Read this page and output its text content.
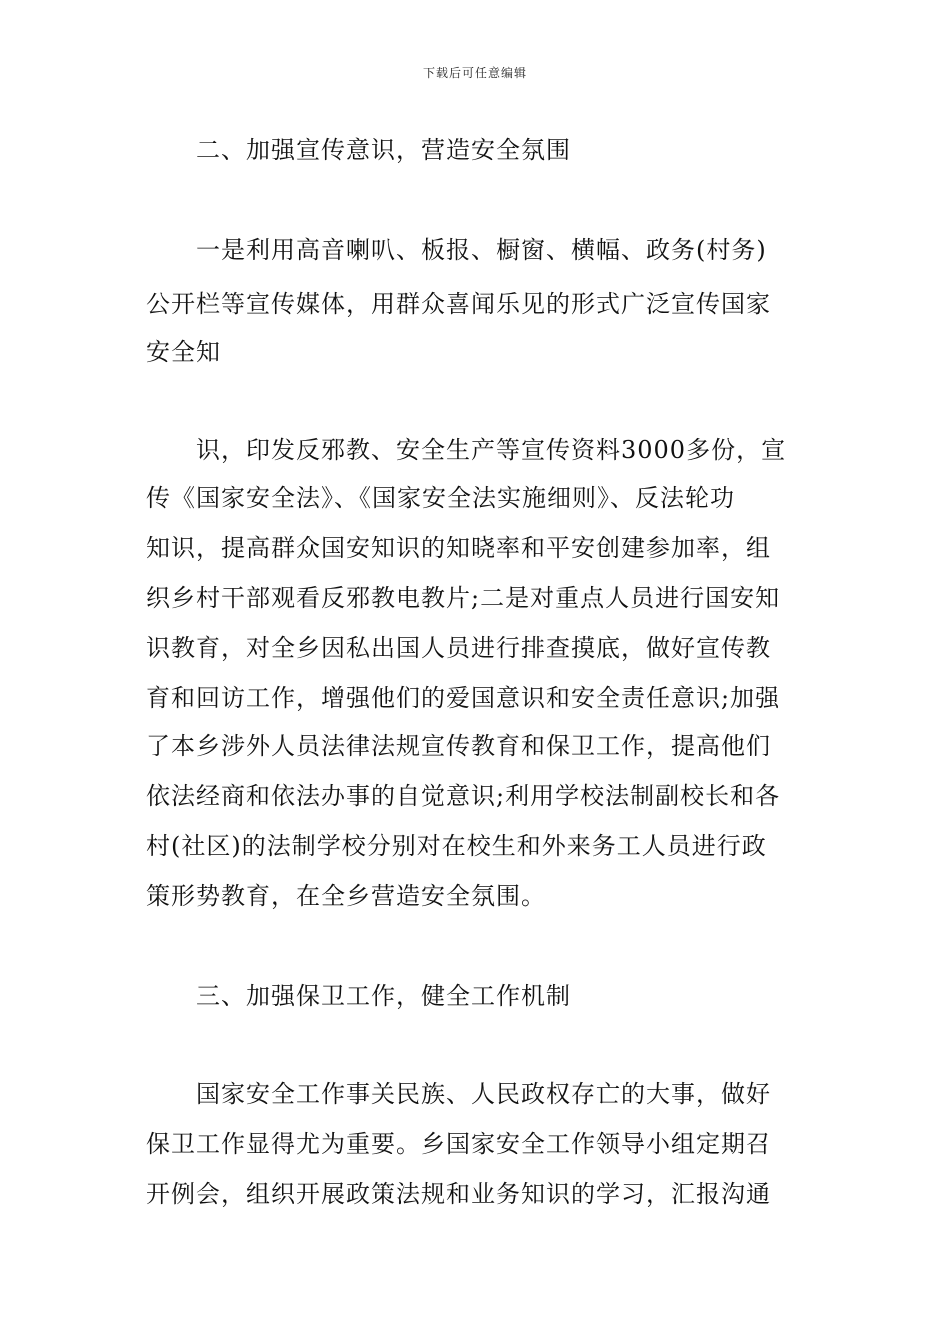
下载后可任意编辑
二、加强宣传意识，营造安全氛围
一是利用高音喇叭、板报、橱窗、横幅、政务(村务)
公开栏等宣传媒体，用群众喜闻乐见的形式广泛宣传国家
安全知
识，印发反邪教、安全生产等宣传资料3000多份，宣
传《国家安全法》、《国家安全法实施细则》、反法轮功
知识，提高群众国安知识的知晓率和平安创建参加率，组
织乡村干部观看反邪教电教片;二是对重点人员进行国安知
识教育，对全乡因私出国人员进行排查摸底，做好宣传教
育和回访工作，增强他们的爱国意识和安全责任意识;加强
了本乡涉外人员法律法规宣传教育和保卫工作，提高他们
依法经商和依法办事的自觉意识;利用学校法制副校长和各
村(社区)的法制学校分别对在校生和外来务工人员进行政
策形势教育，在全乡营造安全氛围。
三、加强保卫工作，健全工作机制
国家安全工作事关民族、人民政权存亡的大事，做好
保卫工作显得尤为重要。乡国家安全工作领导小组定期召
开例会，组织开展政策法规和业务知识的学习，汇报沟通
